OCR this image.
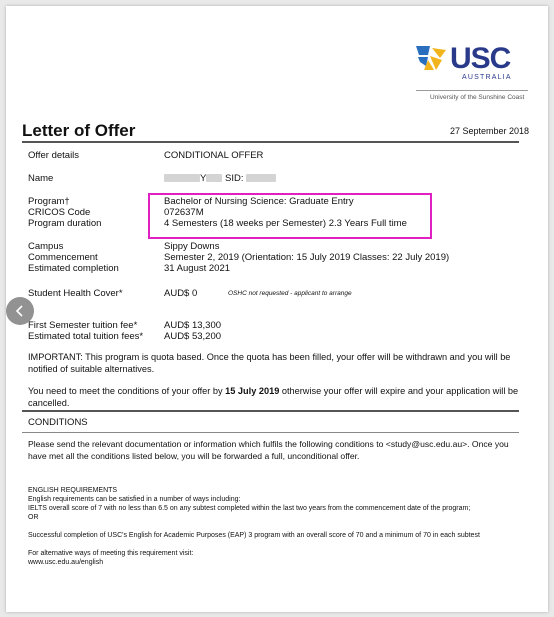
USC
AUSTRALIA
University of the Sunshine Coast
Letter of Offer	27 September 2018
Offer details	CONDITIONAL OFFER
Name	Y SID:
Program†	Bachelor of Nursing Science: Graduate Entry
CRICOS Code	072637M
Program duration	4 Semesters (18 weeks per Semester) 2.3 Years Full time
Campus	Sippy Downs
Commencement	Semester 2, 2019 (Orientation: 15 July 2019 Classes: 22 July 2019)
Estimated completion	31 August 2021
Student Health Cover*	AUD$ 0	OSHC not requested - applicant to arrange
First Semester tuition fee*	AUD$ 13,300
Estimated total tuition fees* AUD$ 53,200
IMPORTANT: This program is quota based. Once the quota has been filled, your offer will be withdrawn and you will be notified of suitable alternatives.
You need to meet the conditions of your offer by 15 July 2019 otherwise your offer will expire and your application will be cancelled.
CONDITIONS
Please send the relevant documentation or information which fulfils the following conditions to <study@usc.edu.au>. Once you have met all the conditions listed below, you will be forwarded a full, unconditional offer.
ENGLISH REQUIREMENTS
English requirements can be satisfied in a number of ways including:
IELTS overall score of 7 with no less than 6.5 on any subtest completed within the last two years from the commencement date of the program;
OR
Successful completion of USC's English for Academic Purposes (EAP) 3 program with an overall score of 70 and a minimum of 70 in each subtest
For alternative ways of meeting this requirement visit:
www.usc.edu.au/english
